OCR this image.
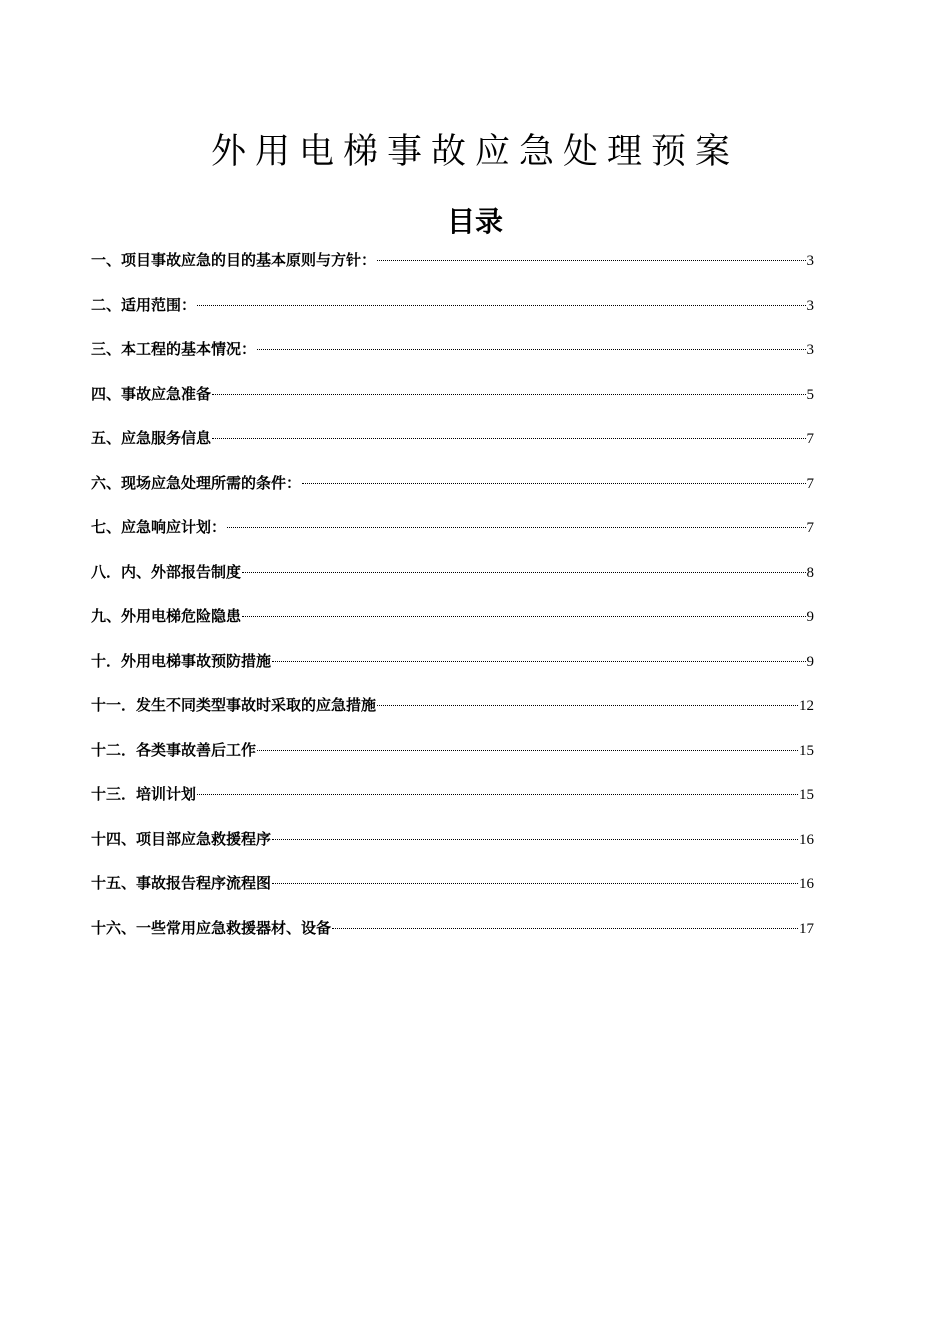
外用电梯事故应急处理预案
目录
一、项目事故应急的目的基本原则与方针：	3
二、适用范围：	3
三、本工程的基本情况：	3
四、事故应急准备	5
五、应急服务信息	7
六、现场应急处理所需的条件：	7
七、应急响应计划：	7
八．内、外部报告制度	8
九、外用电梯危险隐患	9
十．外用电梯事故预防措施	9
十一．发生不同类型事故时采取的应急措施	12
十二．各类事故善后工作	15
十三．培训计划	15
十四、项目部应急救援程序	16
十五、事故报告程序流程图	16
十六、一些常用应急救援器材、设备	17
